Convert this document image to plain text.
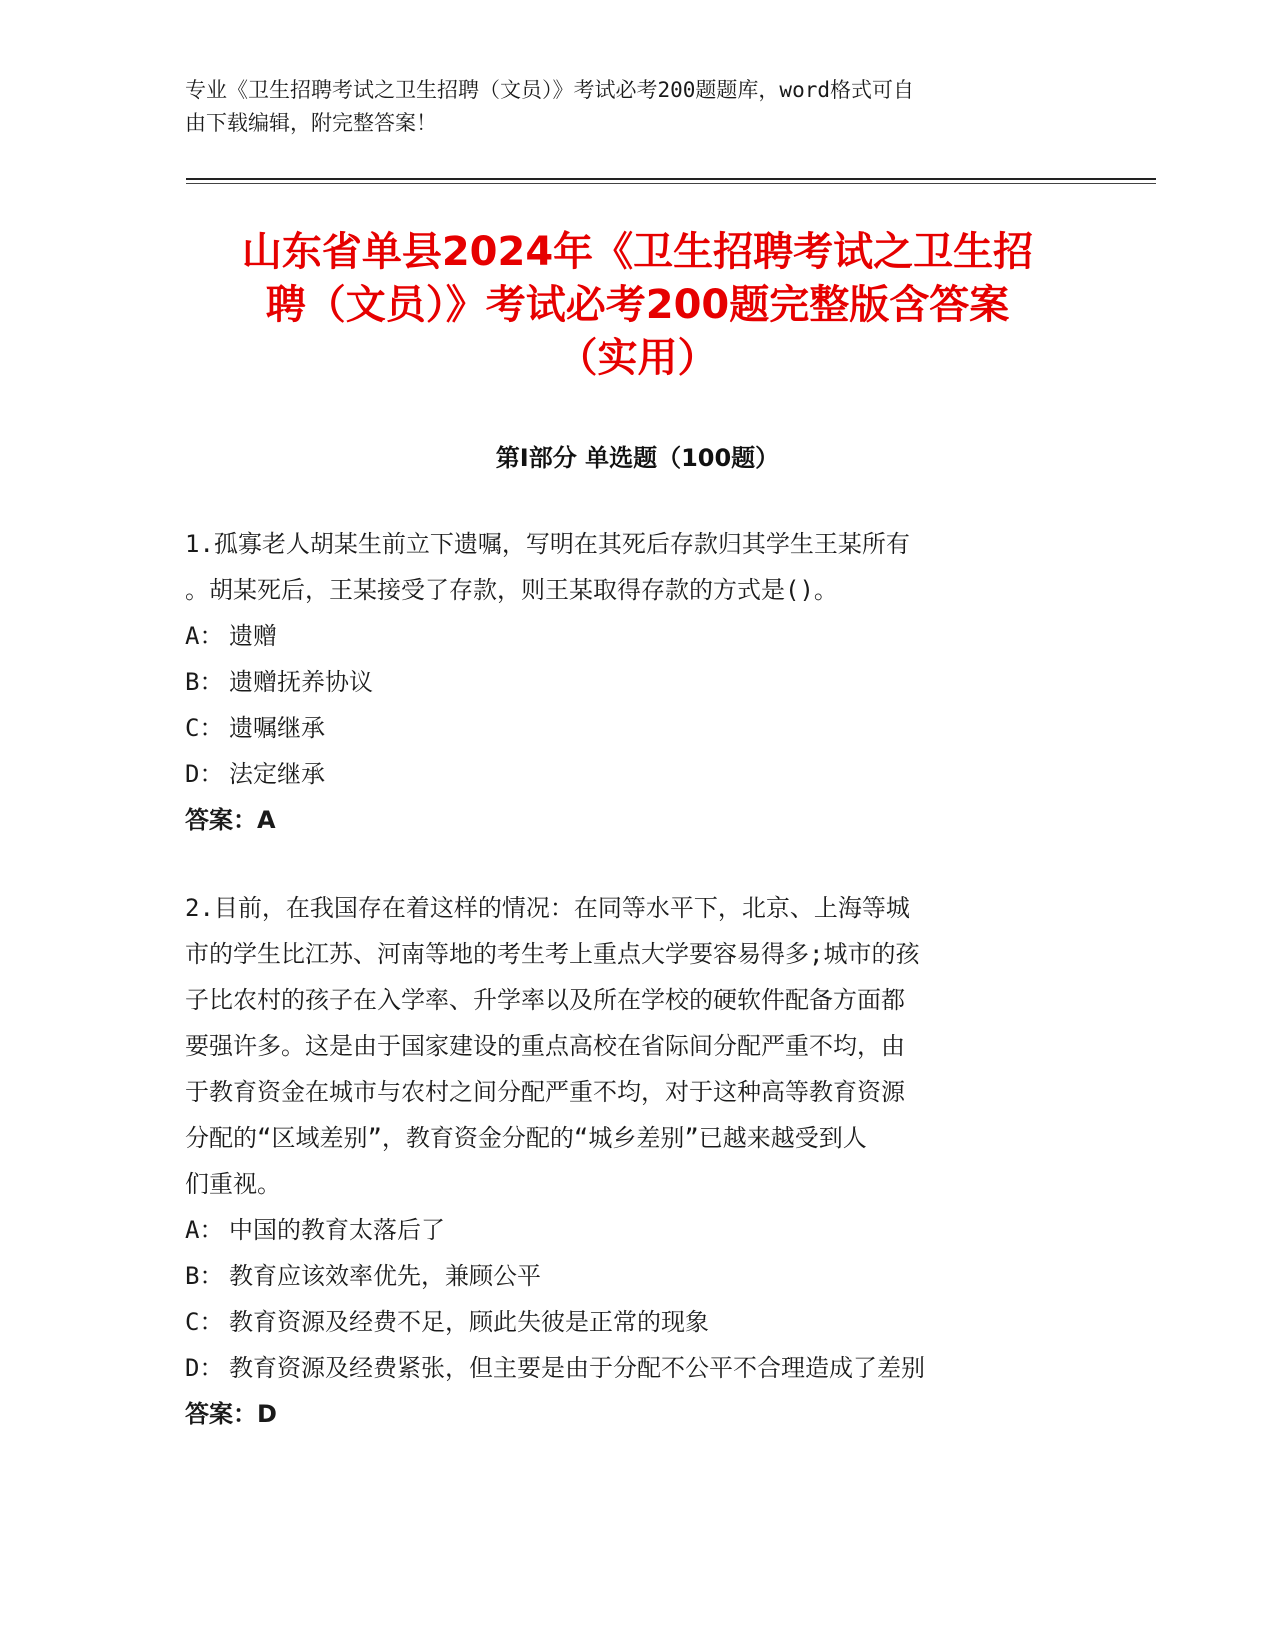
专业《卫生招聘考试之卫生招聘（文员）》考试必考200题题库，word格式可自
由下载编辑，附完整答案！
山东省单县2024年《卫生招聘考试之卫生招
聘（文员）》考试必考200题完整版含答案
（实用）
第Ⅰ部分 单选题（100题）
1.孤寡老人胡某生前立下遗嘱，写明在其死后存款归其学生王某所有
。胡某死后，王某接受了存款，则王某取得存款的方式是()。
A： 遗赠
B： 遗赠抚养协议
C： 遗嘱继承
D： 法定继承
答案：A
2.目前，在我国存在着这样的情况：在同等水平下，北京、上海等城
市的学生比江苏、河南等地的考生考上重点大学要容易得多;城市的孩
子比农村的孩子在入学率、升学率以及所在学校的硬软件配备方面都
要强许多。这是由于国家建设的重点高校在省际间分配严重不均，由
于教育资金在城市与农村之间分配严重不均，对于这种高等教育资源
分配的“区域差别”，教育资金分配的“城乡差别”已越来越受到人
们重视。
A： 中国的教育太落后了
B： 教育应该效率优先，兼顾公平
C： 教育资源及经费不足，顾此失彼是正常的现象
D： 教育资源及经费紧张，但主要是由于分配不公平不合理造成了差别
答案：D
